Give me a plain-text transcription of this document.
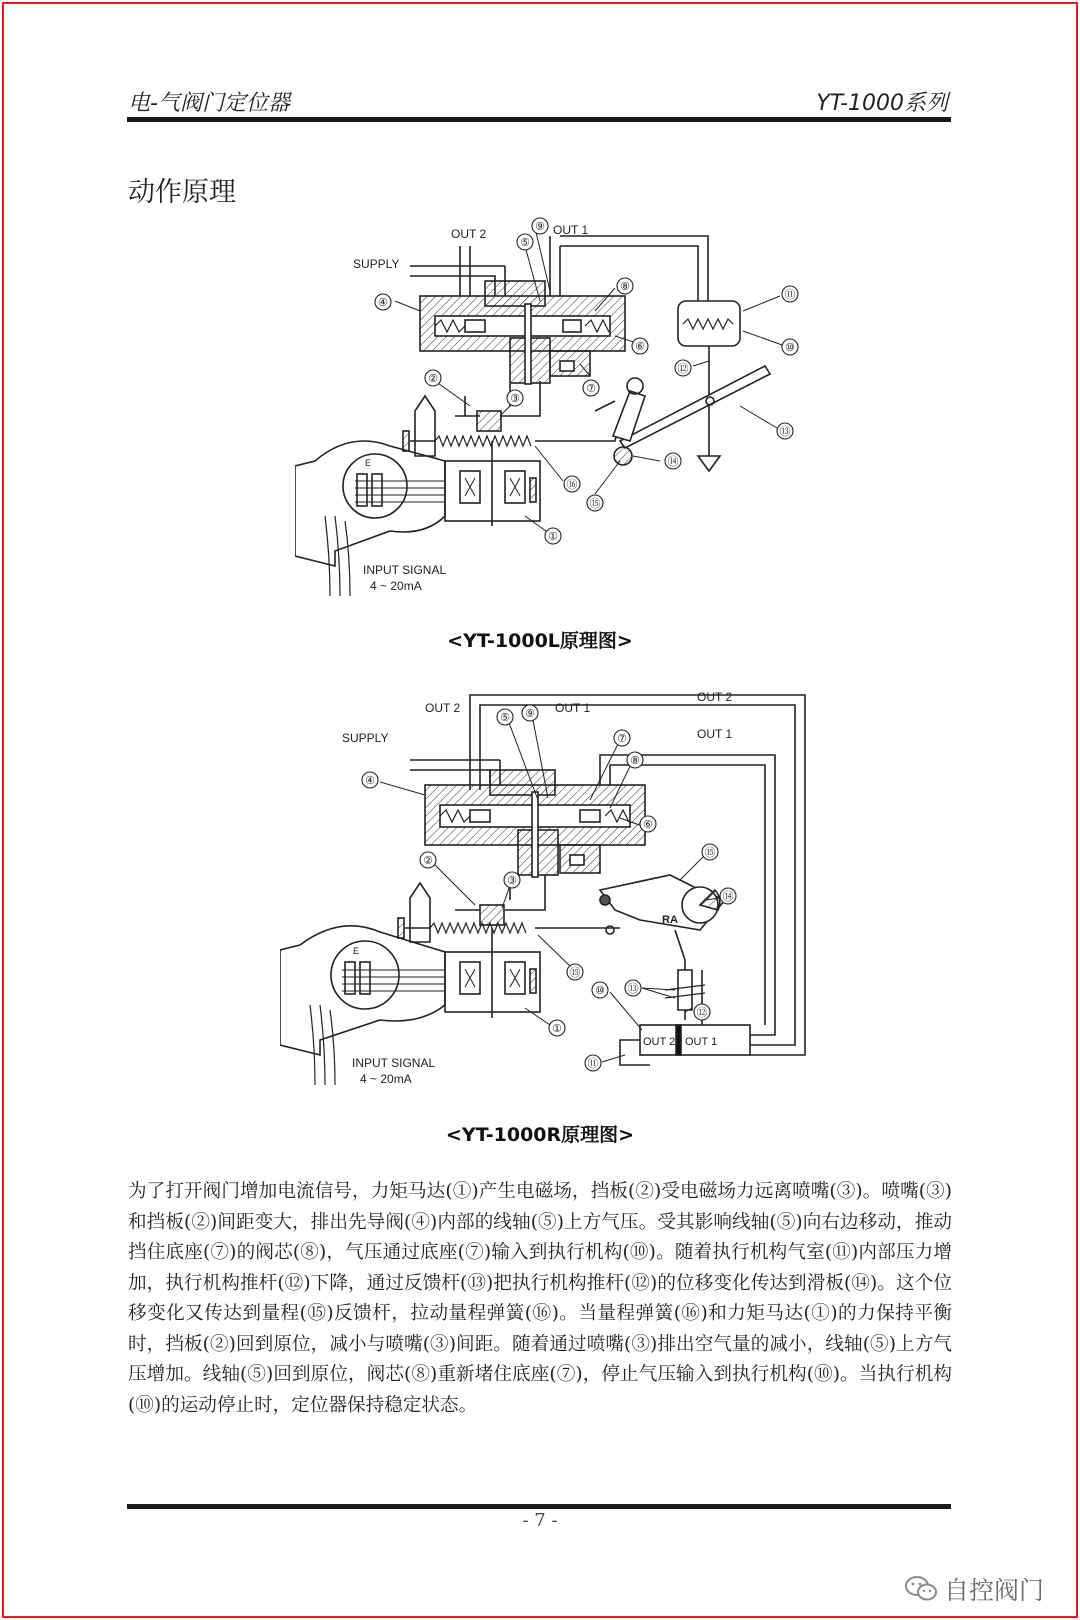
电-气阀门定位器	YT-1000系列
动作原理
①
②
③
④
⑤
⑥
⑦
⑧
⑨
⑩
⑪
⑫
⑬
⑭
⑮
⑯
OUT 2	OUT 1
SUPPLY
INPUT SIGNAL
4 ~ 20mA
E
<YT-1000L原理图>
①
②
③
④
⑤
⑥
⑦
⑧
⑨
⑩
⑪
⑫
⑬
⑭
⑮
⑮
OUT 2
OUT 2	OUT 1
OUT 1
SUPPLY
INPUT SIGNAL
4 ~ 20mA
RA
OUT 2 OUT 1
E
<YT-1000R原理图>

为了打开阀门增加电流信号，力矩马达(①)产生电磁场，挡板(②)受电磁场力远离喷嘴(③)。喷嘴(③)和挡板(②)间距变大，排出先导阀(④)内部的线轴(⑤)上方气压。受其影响线轴(⑤)向右边移动，推动挡住底座(⑦)的阀芯(⑧)，气压通过底座(⑦)输入到执行机构(⑩)。随着执行机构气室(⑪)内部压力增加，执行机构推杆(⑫)下降，通过反馈杆(⑬)把执行机构推杆(⑫)的位移变化传达到滑板(⑭)。这个位移变化又传达到量程(⑮)反馈杆，拉动量程弹簧(⑯)。当量程弹簧(⑯)和力矩马达(①)的力保持平衡时，挡板(②)回到原位，减小与喷嘴(③)间距。随着通过喷嘴(③)排出空气量的减小，线轴(⑤)上方气压增加。线轴(⑤)回到原位，阀芯(⑧)重新堵住底座(⑦)，停止气压输入到执行机构(⑩)。当执行机构(⑩)的运动停止时，定位器保持稳定状态。

- 7 -
自控阀门
